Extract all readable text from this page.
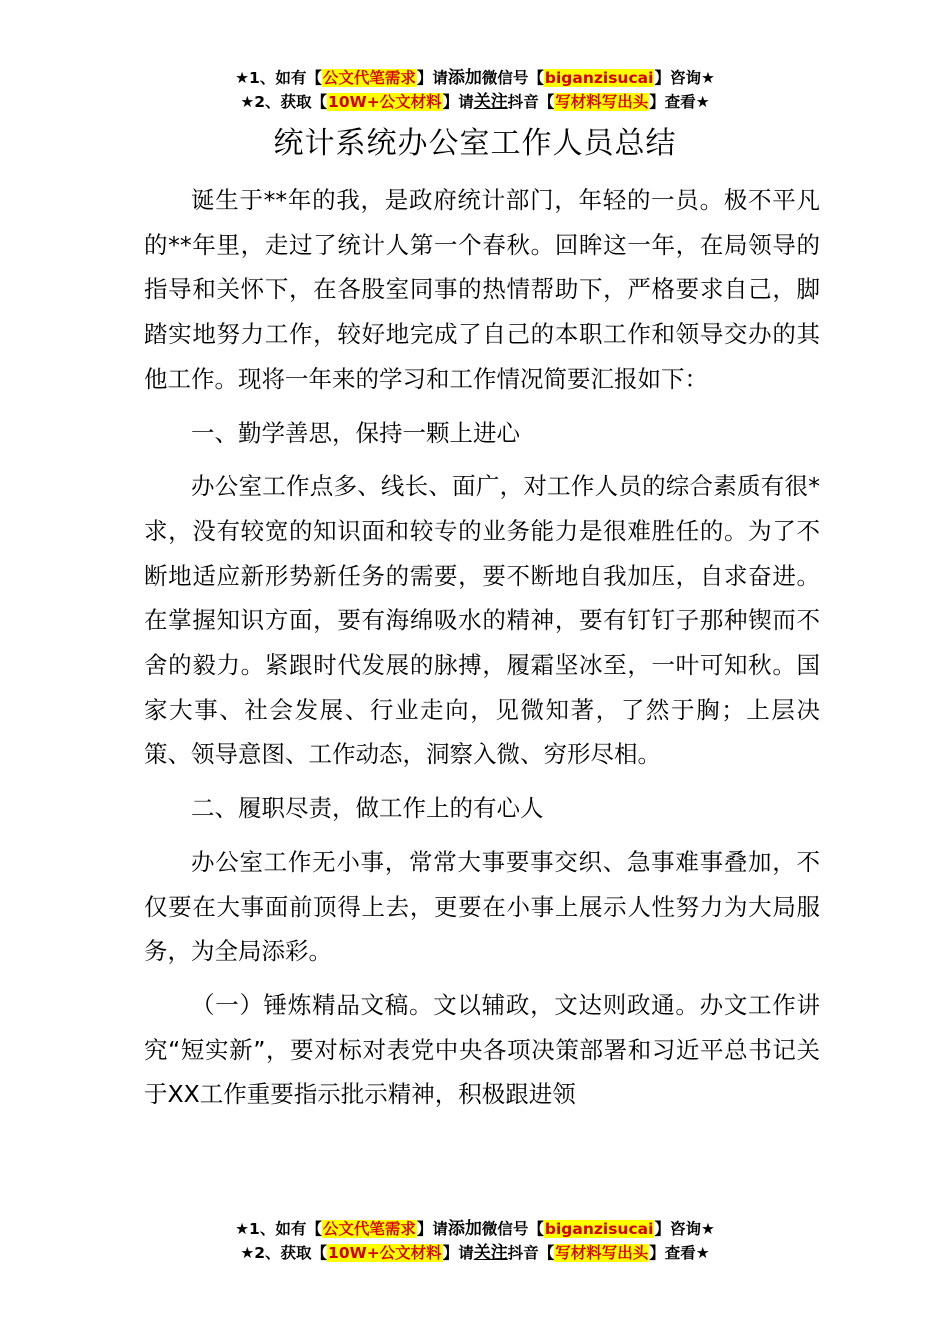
★1、如有【公文代笔需求】请添加微信号【biganzisucai】咨询★
★2、获取【10W+公文材料】请关注抖音【写材料写出头】查看★
统计系统办公室工作人员总结

诞生于**年的我，是政府统计部门，年轻的一员。极不平凡的**年里，走过了统计人第一个春秋。回眸这一年，在局领导的指导和关怀下，在各股室同事的热情帮助下，严格要求自己，脚踏实地努力工作，较好地完成了自己的本职工作和领导交办的其他工作。现将一年来的学习和工作情况简要汇报如下：

一、勤学善思，保持一颗上进心

办公室工作点多、线长、面广，对工作人员的综合素质有很*求，没有较宽的知识面和较专的业务能力是很难胜任的。为了不断地适应新形势新任务的需要，要不断地自我加压，自求奋进。在掌握知识方面，要有海绵吸水的精神，要有钉钉子那种锲而不舍的毅力。紧跟时代发展的脉搏，履霜坚冰至，一叶可知秋。国家大事、社会发展、行业走向，见微知著，了然于胸；上层决策、领导意图、工作动态，洞察入微、穷形尽相。

二、履职尽责，做工作上的有心人

办公室工作无小事，常常大事要事交织、急事难事叠加，不仅要在大事面前顶得上去，更要在小事上展示人性努力为大局服务，为全局添彩。

（一）锤炼精品文稿。文以辅政，文达则政通。办文工作讲究“短实新”，要对标对表党中央各项决策部署和习近平总书记关于XX工作重要指示批示精神，积极跟进领

★1、如有【公文代笔需求】请添加微信号【biganzisucai】咨询★
★2、获取【10W+公文材料】请关注抖音【写材料写出头】查看★
